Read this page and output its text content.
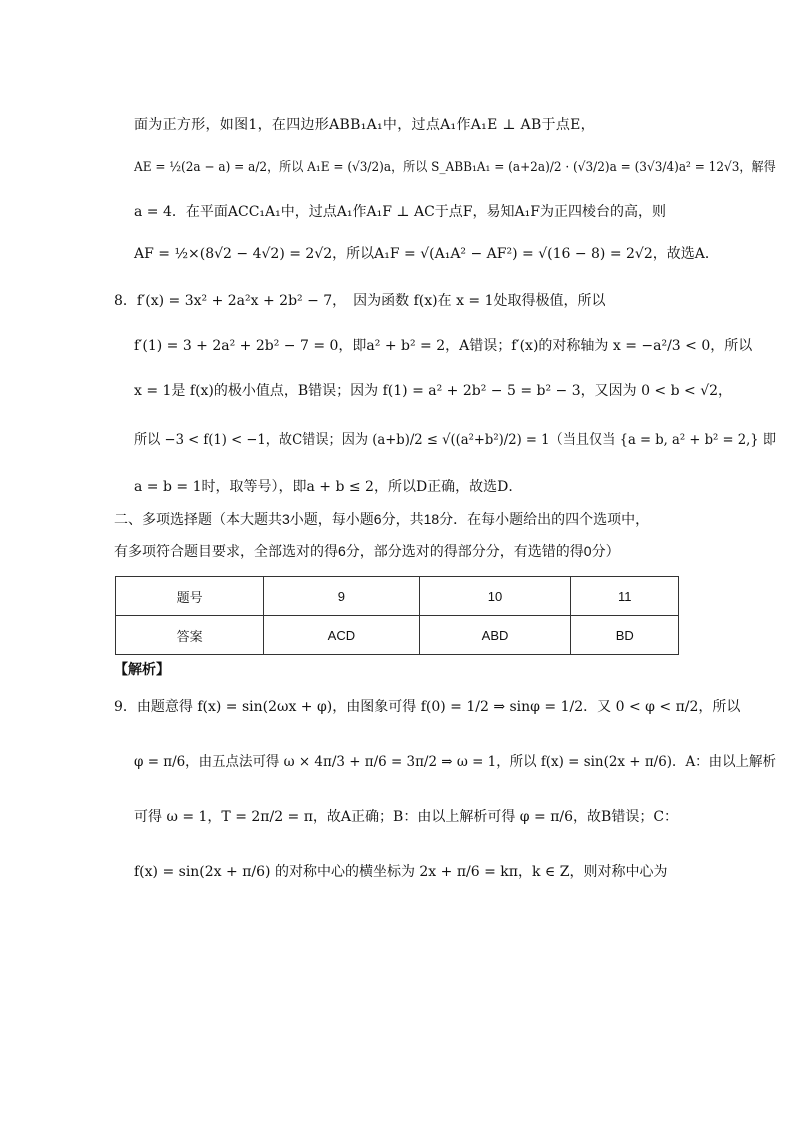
面为正方形，如图1，在四边形ABB₁A₁中，过点A₁作A₁E ⊥ AB于点E，
AE = ½(2a − a) = a/2，所以 A₁E = (√3/2)a，所以 S_ABB₁A₁ = (a+2a)/2 · (√3/2)a = (3√3/4)a² = 12√3，解得
a = 4．在平面ACC₁A₁中，过点A₁作A₁F ⊥ AC于点F，易知A₁F为正四棱台的高，则
AF = ½×(8√2 − 4√2) = 2√2，所以A₁F = √(A₁A² − AF²) = √(16 − 8) = 2√2，故选A．
8．f′(x) = 3x² + 2a²x + 2b² − 7，　因为函数 f(x)在 x = 1处取得极值，所以
f′(1) = 3 + 2a² + 2b² − 7 = 0，即a² + b² = 2，A错误；f′(x)的对称轴为 x = −a²/3 < 0，所以
x = 1是 f(x)的极小值点，B错误；因为 f(1) = a² + 2b² − 5 = b² − 3，又因为 0 < b < √2，
所以 −3 < f(1) < −1，故C错误；因为 (a+b)/2 ≤ √((a²+b²)/2) = 1（当且仅当 {a = b, a² + b² = 2,} 即
a = b = 1时，取等号），即a + b ≤ 2，所以D正确，故选D．
二、多项选择题（本大题共3小题，每小题6分，共18分．在每小题给出的四个选项中，
有多项符合题目要求，全部选对的得6分，部分选对的得部分分，有选错的得0分）
题号	9	10	11
答案	ACD	ABD	BD
【解析】
9．由题意得 f(x) = sin(2ωx + φ)，由图象可得 f(0) = 1/2 ⇒ sinφ = 1/2．又 0 < φ < π/2，所以
φ = π/6，由五点法可得 ω × 4π/3 + π/6 = 3π/2 ⇒ ω = 1，所以 f(x) = sin(2x + π/6)．A：由以上解析
可得 ω = 1，T = 2π/2 = π，故A正确；B：由以上解析可得 φ = π/6，故B错误；C：
f(x) = sin(2x + π/6) 的对称中心的横坐标为 2x + π/6 = kπ，k ∈ Z，则对称中心为
